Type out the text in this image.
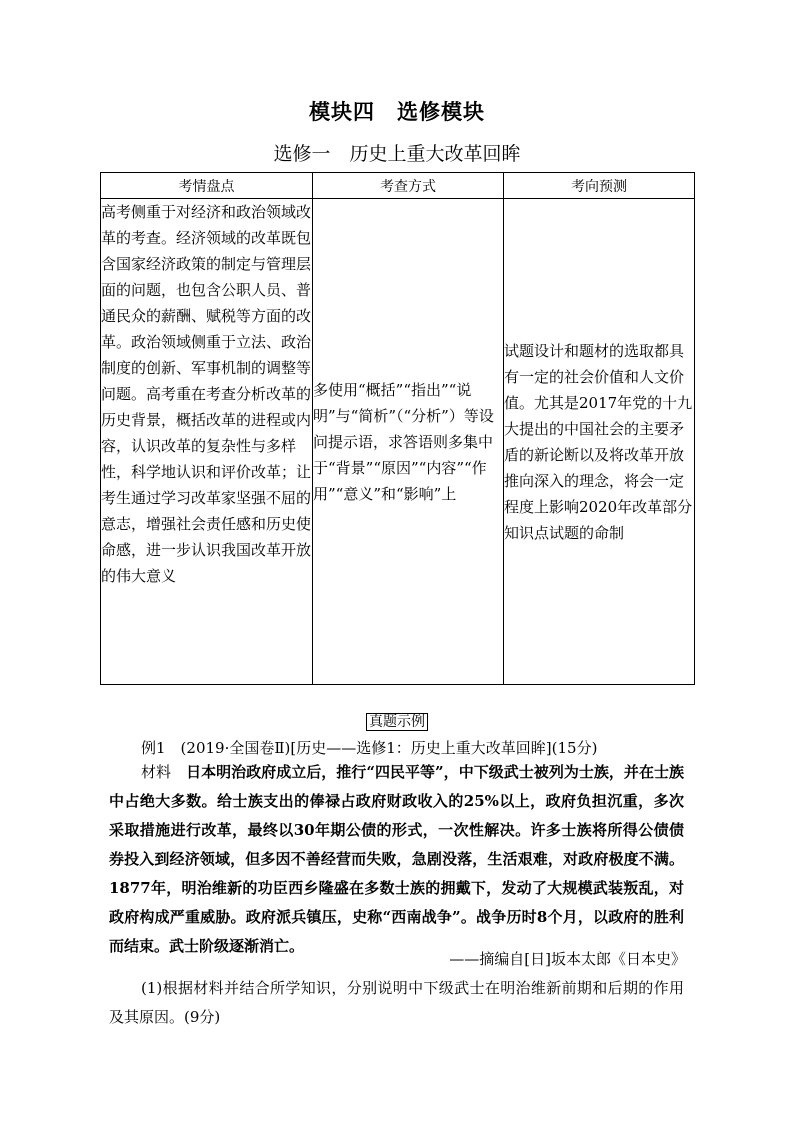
模块四　选修模块
选修一　历史上重大改革回眸
考情盘点	考查方式	考向预测
高考侧重于对经济和政治领域改革的考查。经济领域的改革既包含国家经济政策的制定与管理层面的问题，也包含公职人员、普通民众的薪酬、赋税等方面的改革。政治领域侧重于立法、政治制度的创新、军事机制的调整等问题。高考重在考查分析改革的历史背景，概括改革的进程或内容，认识改革的复杂性与多样性，科学地认识和评价改革；让考生通过学习改革家坚强不屈的意志，增强社会责任感和历史使命感，进一步认识我国改革开放的伟大意义	多使用“概括”“指出”“说明”与“简析”（“分析”）等设问提示语，求答语则多集中于“背景”“原因”“内容”“作用”“意义”和“影响”上	试题设计和题材的选取都具有一定的社会价值和人文价值。尤其是2017年党的十九大提出的中国社会的主要矛盾的新论断以及将改革开放推向深入的理念，将会一定程度上影响2020年改革部分知识点试题的命制
真题示例
例1　(2019·全国卷Ⅱ)[历史——选修1：历史上重大改革回眸](15分)
材料　 日本明治政府成立后，推行“四民平等”，中下级武士被列为士族，并在士族中占绝大多数。给士族支出的俸禄占政府财政收入的25%以上，政府负担沉重，多次采取措施进行改革，最终以30年期公债的形式，一次性解决。许多士族将所得公债债券投入到经济领域，但多因不善经营而失败，急剧没落，生活艰难，对政府极度不满。1877年，明治维新的功臣西乡隆盛在多数士族的拥戴下，发动了大规模武装叛乱，对政府构成严重威胁。政府派兵镇压，史称“西南战争”。战争历时8个月，以政府的胜利而结束。武士阶级逐渐消亡。
——摘编自[日]坂本太郎《日本史》
(1)根据材料并结合所学知识，分别说明中下级武士在明治维新前期和后期的作用及其原因。(9分)
